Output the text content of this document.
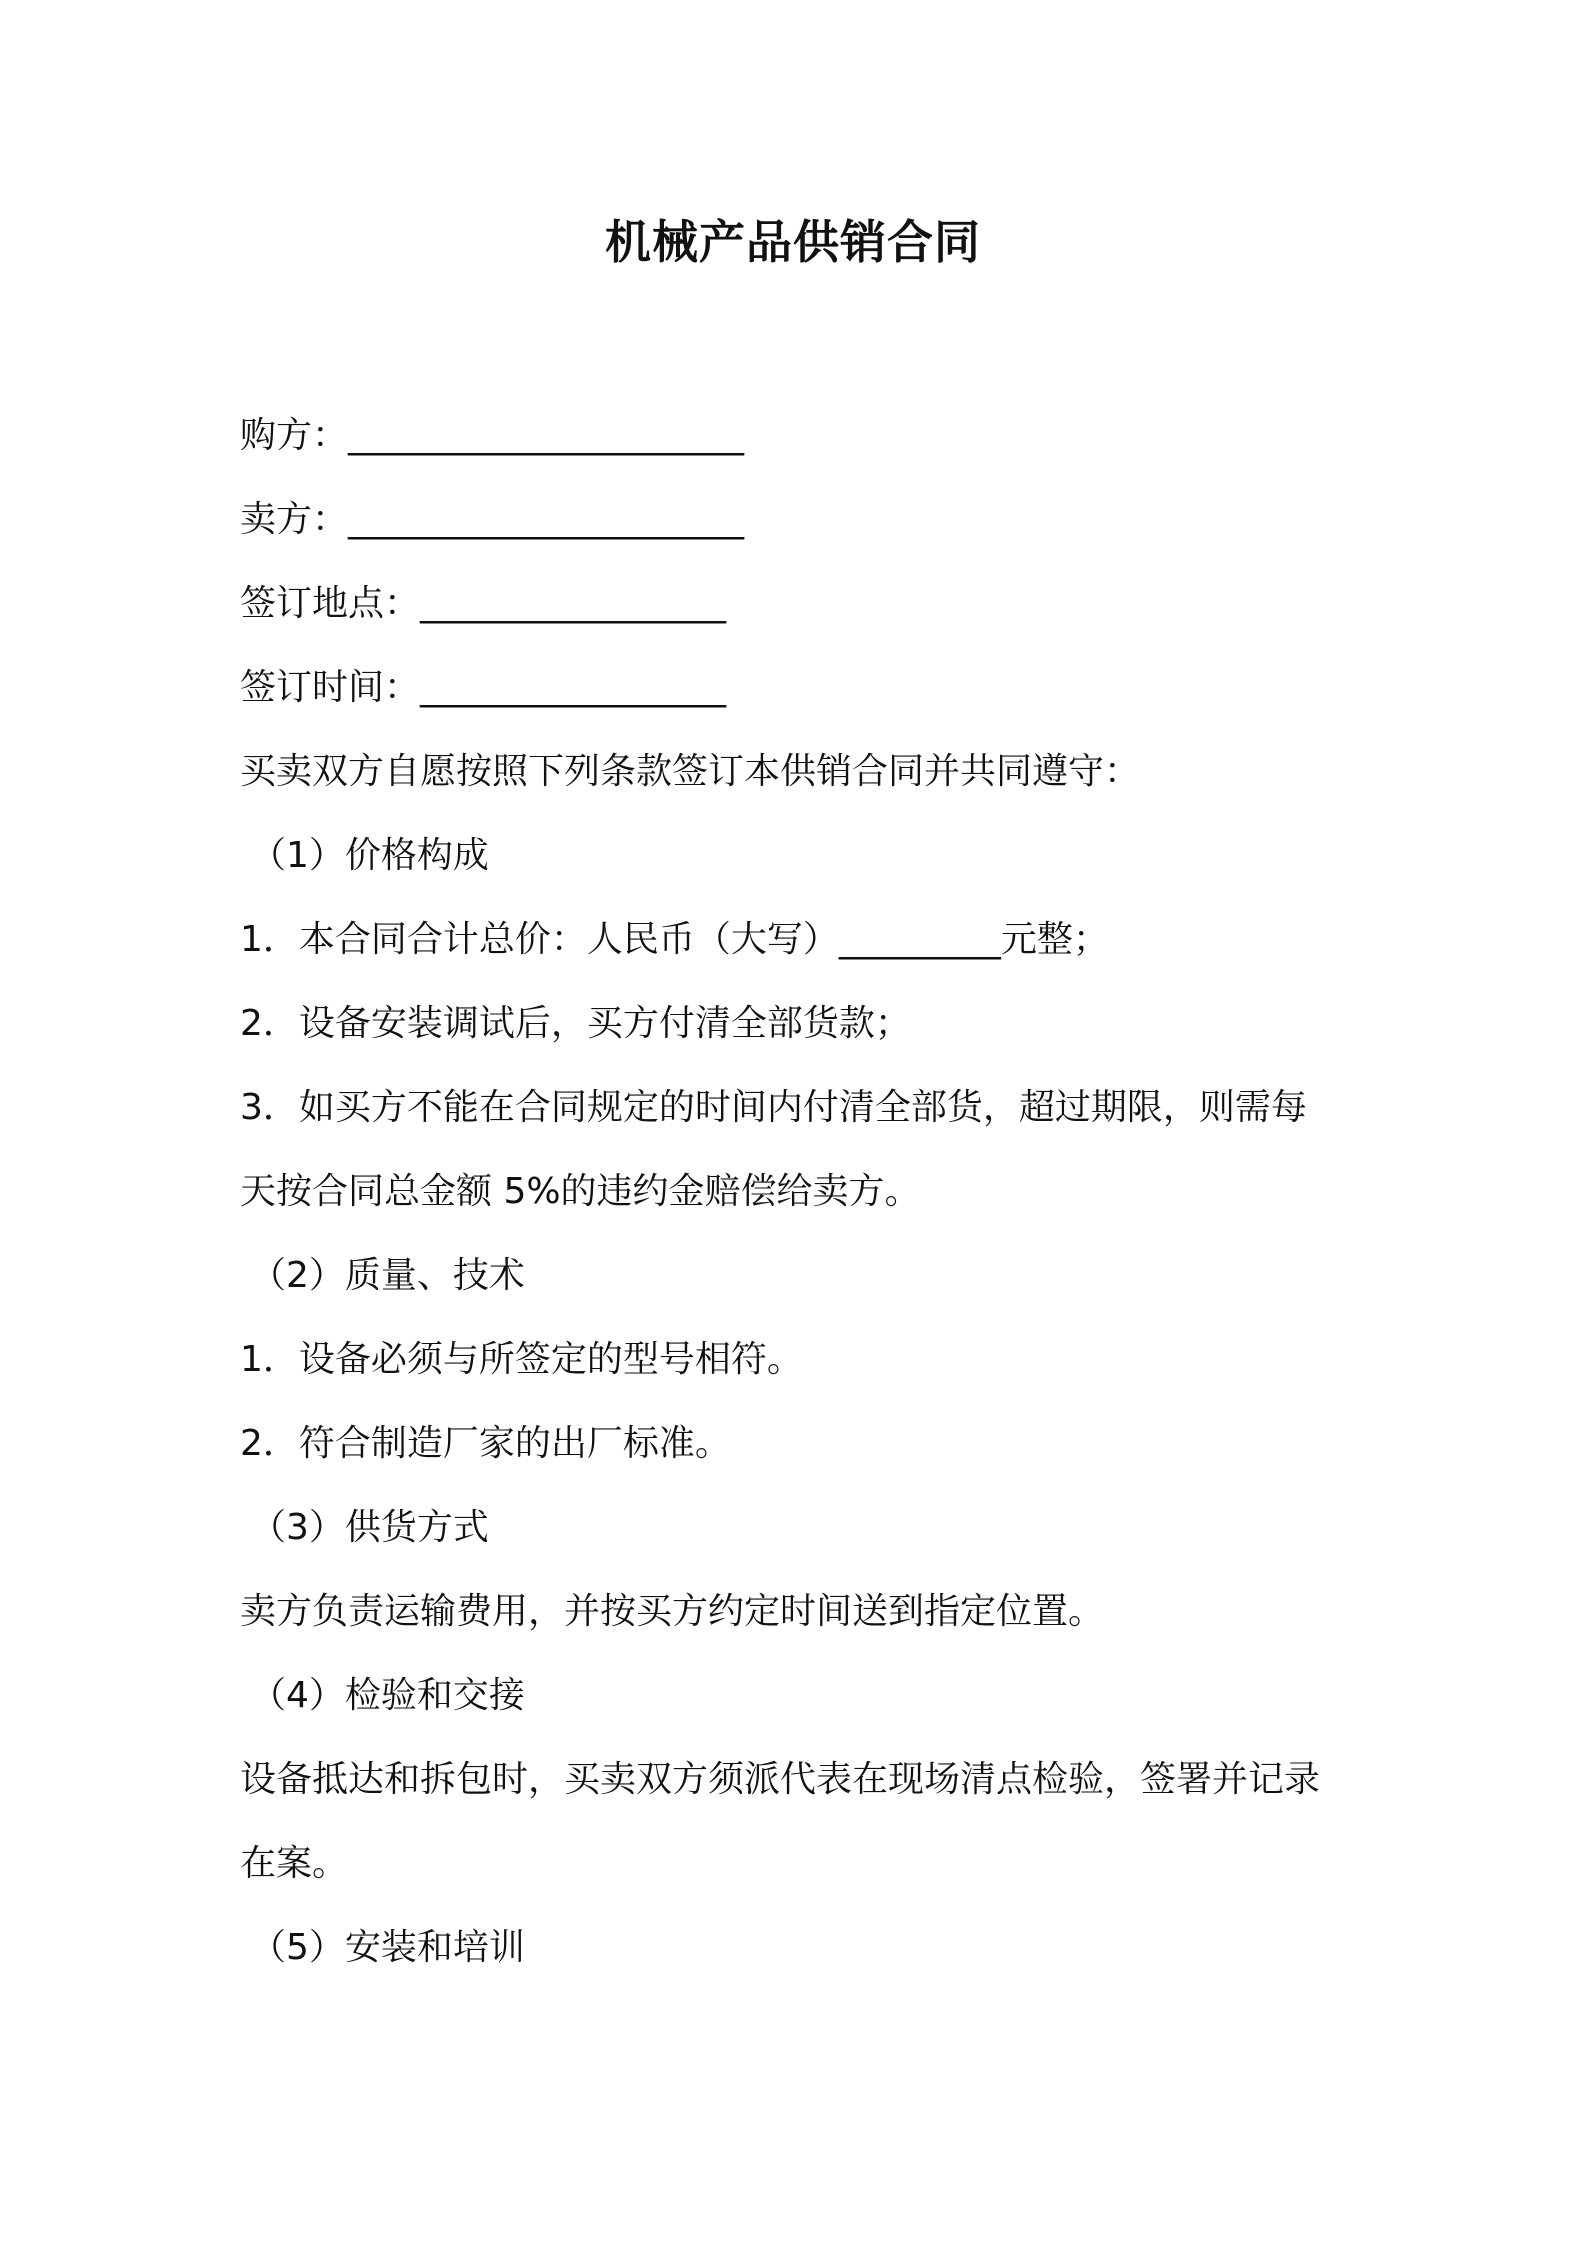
机械产品供销合同

购方：______________________

卖方：______________________

签订地点：_________________

签订时间：_________________

买卖双方自愿按照下列条款签订本供销合同并共同遵守：

（1）价格构成

1．本合同合计总价：人民币（大写）_________元整；

2．设备安装调试后，买方付清全部货款；

3．如买方不能在合同规定的时间内付清全部货，超过期限，则需每

天按合同总金额 5%的违约金赔偿给卖方。

（2）质量、技术

1．设备必须与所签定的型号相符。

2．符合制造厂家的出厂标准。

（3）供货方式

卖方负责运输费用，并按买方约定时间送到指定位置。

（4）检验和交接

设备抵达和拆包时，买卖双方须派代表在现场清点检验，签署并记录

在案。

（5）安装和培训
